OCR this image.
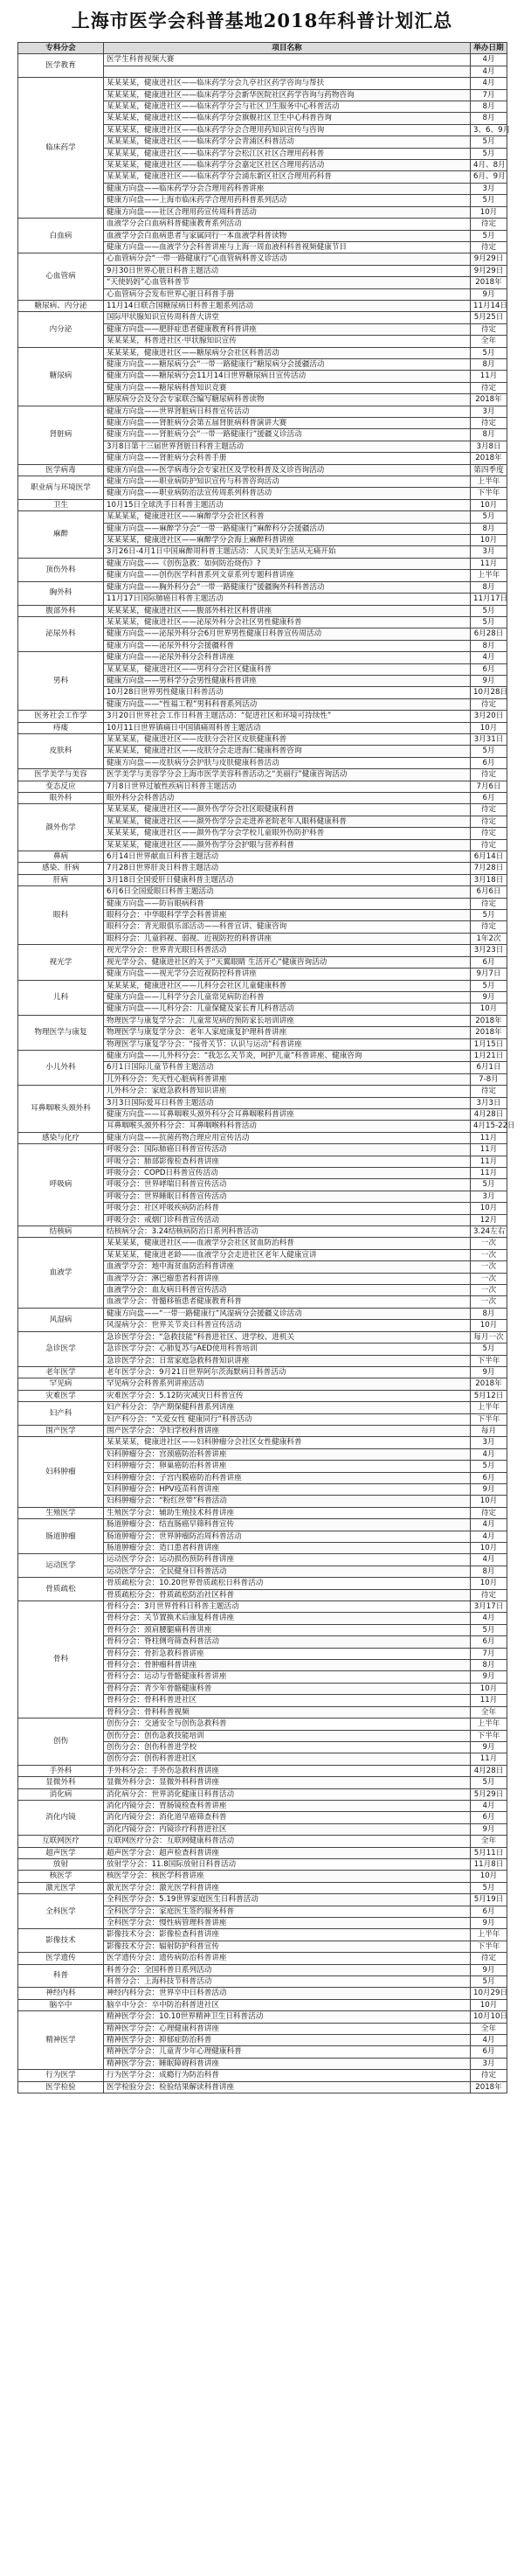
上海市医学会科普基地2018年科普计划汇总
专科分会	项目名称	举办日期
医学教育	医学生科普视频大赛	4月
		4月
临床药学	某某某某，健康进社区——临床药学分会九亭社区药学咨询与帮扶	4月
	某某某某，健康进社区——临床药学分会新华医院社区药学咨询与药物咨询	7月
	某某某某，健康进社区——临床药学分会与社区卫生服务中心科普活动	8月
	某某某某，健康进社区——临床药学分会旗舰社区卫生中心科普咨询	8月
	某某某某，健康进社区——临床药学分会合理用药知识宣传与咨询	3、6、9月
	某某某某，健康进社区——临床药学分会青浦区科普活动	5月
	某某某某，健康进社区——临床药学分会松江区社区合理用药科普	5月
	某某某某，健康进社区——临床药学分会嘉定区社区合理用药活动	4月、8月
	某某某某，健康进社区——临床药学分会浦东新区社区合理用药科普	6月、9月
	健康方向盘——临床药学分会合理用药科普讲座	3月
	健康方向盘——上海市临床药学合理用药科普系列活动	5月
	健康方向盘——社区合理用药宣传周科普活动	10月
白血病	血液学分会白血病科普健康教育系列活动	待定
	血液学分会白血病患者与家属同行一本血液学科普读物	5月
	健康方向盘——血液学分会科普讲座与上海一周血液科科普视频健康节目	待定
心血管病	心血管病分会“一带一路健康行”心血管病科普义诊活动	9月29日
	9月30日世界心脏日科普主题活动	9月29日
	“天使妈妈”心血管科普节	2018年
	心血管病分会发布世界心脏日科普手册	9月
糖尿病、内分泌	11月14日联合国糖尿病日科普主题系列活动	11月14日
内分泌	国际甲状腺知识宣传周科普大讲堂	5月25日
	健康方向盘——肥胖症患者健康教育科普讲座	待定
	某某某某，科普进社区·甲状腺知识宣传	全年
糖尿病	某某某某，健康进社区——糖尿病分会社区科普活动	5月
	健康方向盘——糖尿病分会“一带一路健康行”糖尿病分会援疆活动	8月
	健康方向盘——糖尿病分会11月14日世界糖尿病日宣传活动	11月
	健康方向盘——糖尿病科普知识竞赛	待定
	糖尿病分会及分会专家联合编写糖尿病科普读物	2018年
肾脏病	健康方向盘——世界肾脏病日科普宣传活动	3月
	健康方向盘——肾脏病分会第五届肾脏病科普演讲大赛	待定
	健康方向盘——肾脏病分会“一带一路健康行”援疆义诊活动	8月
	3月8日第十三届世界肾脏日科普主题活动	3月8日
	健康方向盘——肾脏病分会科普手册	2018年
医学病毒	健康方向盘——医学病毒分会专家社区及学校科普及义诊咨询活动	第四季度
职业病与环境医学	健康方向盘——职业病防护知识宣传与科普咨询活动	上半年
	健康方向盘——职业病防治法宣传周系列科普活动	下半年
卫生	10月15日全球洗手日科普主题活动	10月
麻醉	某某某某，健康进社区——麻醉学分会社区科普	5月
	健康方向盘——麻醉学分会“一带一路健康行”麻醉科分会援疆活动	8月
	某某某某，健康进社区——麻醉学分会海上麻醉科普讲座	10月
	3月26日-4月1日中国麻醉周科普主题活动：人民美好生活从无痛开始	3月
顶伤外科	健康方向盘——《创伤急救：如何防治烧伤》?	11月
	健康方向盘——创伤医学科普系列文章系列专题科普讲座	上半年
胸外科	健康方向盘——胸外科分会“一带一路健康行”援疆胸外科科普活动	8月
	11月17日国际肺癌日科普主题活动	11月17日
腹部外科	某某某某，健康进社区——腹部外科社区科普讲座	5月
泌尿外科	某某某某，健康进社区——泌尿外科分会社区男性健康科普	5月
	健康方向盘——泌尿外科分会6月世界男性健康日科普宣传周活动	6月28日
	健康方向盘——泌尿外科分会援疆科普	8月
男科	健康方向盘——泌尿外科分会科普讲座	4月
	某某某某，健康进社区——男科分会社区健康科普	6月
	健康方向盘——男科学分会男性健康科普讲座	9月
	10月28日世界男性健康日科普活动	10月28日
	健康方向盘——“性福工程”男科科普系列活动	待定
医务社会工作学	3月20日世界社会工作日科普主题活动：“促进社区和环境可持续性”	3月20日
痔瘘	10月11日世界镇痛日中国镇痛周科普主题活动	10月
皮肤科	某某某某，健康进社区——皮肤分会社区皮肤健康科普	3月31日
	某某某某，健康进社区——皮肤分会走进海仁健康科普咨询	5月
	健康方向盘——皮肤病分会护肤与皮肤健康科普活动	6月
医学美学与美容	医学美学与美容学分会上海市医学美容科普活动之“美丽行”健康咨询活动	待定
变态反应	7月8日世界过敏性疾病日科普主题活动	7月6日
眼外科	眼外科分会科普活动	6月
颜外伤学	某某某某，健康进社区——颜外伤学分会社区眼健康科普	待定
	某某某某，健康进社区——颜外伤学分会走进养老院老年人眼科健康科普	待定
	某某某某，健康进社区——颜外伤学分会学校儿童眼外伤防护科普	待定
	某某某某，健康进社区——颜外伤学分会护眼与营养科普	待定
鼻病	6月14日世界献血日科普主题活动	6月14日
感染、肝病	7月28日世界肝炎日科普主题活动	7月28日
肝病	3月18日全国爱肝日健康科普主题活动	3月18日
眼科	6月6日全国爱眼日科普主题活动	6月6日
	健康方向盘——防盲眼病科普	待定
	眼科分会：中华眼科学学会科普讲座	5月
	眼科分会：青光眼俱乐部活动——科普宣讲、健康咨询	待定
	眼科分会：儿童斜视、弱视、近视防控的科普讲座	1年2次
视光学	视光学分会：世界青光眼日科普活动	3月23日
	视光学分会、健康进社区的关于“天翼眼睛 生活开心”健康咨询活动	6月
	健康方向盘——视光学分会近视防控科普讲座	9月7日
儿科	某某某某，健康进社区——儿科分会社区儿童健康科普	5月
	健康方向盘——儿科学分会儿童常见病防治科普	9月
	健康方向盘——儿科分会：儿童保健及家长育儿科普活动	10月
物理医学与康复	物理医学与康复学分会：儿童常见病的预防家长培训讲座	2018年
	物理医学与康复学分会：老年人家庭康复护理科普讲座	2018年
	物理医学与康复学分会：“接骨关节：认识与运动”科普讲座	1月15日
小儿外科	健康方向盘——儿外科分会：“我怎么关节炎，呵护儿童”科普讲座、健康咨询	1月21日
	6月1日国际儿童节科普主题活动	6月1日
	儿外科分会：先天性心脏病科普讲座	7-8月
耳鼻咽喉头颈外科	儿外科分会：家庭急救科普知识讲座	待定
	3月3日国际爱耳日科普主题活动	3月3日
	健康方向盘——耳鼻咽喉头颈外科分会耳鼻咽喉科普讲座	4月28日
	耳鼻咽喉头颈外科分会：耳鼻咽喉科科普活动	4月15-22日
感染与化疗	健康方向盘——抗菌药物合理应用宣传活动	11月
呼吸病	呼吸分会：国际肺癌日科普宣传活动	11月
	呼吸分会：肺部影像检查科普讲座	11月
	呼吸分会：COPD日科普宣传活动	11月
	呼吸分会：世界哮喘日科普宣传活动	5月
	呼吸分会：世界睡眠日科普宣传活动	3月
	呼吸分会：社区呼吸疾病防治科普	10月
	呼吸分会：戒烟门诊科普宣传活动	12月
结核病	结核病分会：3.24结核病防治日系列科普活动	3.24左右
血液学	某某某某，健康进社区——血液学分会社区贫血防治科普	一次
	某某某某，健康进老龄——血液学分会走进社区老年人健康宣讲	一次
	血液学分会：地中海贫血防治科普讲座	一次
	血液学分会：淋巴瘤患者科普讲座	一次
	血液学分会：血友病日科普宣传活动	一次
	血液学分会：骨髓移植患者健康教育科普	一次
风湿病	健康方向盘——“一带一路健康行”风湿病分会援疆义诊活动	8月
	风湿病分会：世界关节炎日科普宣传活动	10月
急诊医学	急诊医学分会：“急救技能”科普进社区、进学校、进机关	每月一次
	急诊医学分会：心肺复苏与AED使用科普培训	5月
	急诊医学分会：日常家庭急救科普知识讲座	下半年
老年医学	老年医学分会：9月21日世界阿尔茨海默病日科普活动	9月
罕见病	罕见病分会科普系列讲座活动	2018年
灾难医学	灾难医学分会：5.12防灾减灾日科普宣传	5月12日
妇产科	妇产科分会：孕产期保健科普系列讲座	上半年
	妇产科分会：“关爱女性 健康同行”科普活动	下半年
围产医学	围产医学分会：孕妇学校科普讲座	每月
妇科肿瘤	某某某某，健康进社区——妇科肿瘤分会社区女性健康科普	3月
	妇科肿瘤分会：宫颈癌防治科普讲座	4月
	妇科肿瘤分会：卵巢癌防治科普讲座	5月
	妇科肿瘤分会：子宫内膜癌防治科普讲座	6月
	妇科肿瘤分会：HPV疫苗科普讲座	9月
	妇科肿瘤分会：“粉红丝带”科普活动	10月
生殖医学	生殖医学分会：辅助生殖技术科普讲座	待定
肠道肿瘤	肠道肿瘤分会：结直肠癌早筛科普宣传	4月
	肠道肿瘤分会：世界肿瘤防治周科普活动	4月
	肠道肿瘤分会：造口患者科普讲座	10月
运动医学	运动医学分会：运动损伤预防科普讲座	4月
	运动医学分会：全民健身日科普活动	8月
骨质疏松	骨质疏松分会：10.20世界骨质疏松日科普活动	10月
	骨质疏松分会：骨质疏松防治社区科普	待定
骨科	骨科分会：3月世界骨科日科普主题活动	3月17日
	骨科分会：关节置换术后康复科普讲座	4月
	骨科分会：颈肩腰腿痛科普讲座	5月
	骨科分会：脊柱侧弯筛查科普活动	6月
	骨科分会：骨折急救科普讲座	7月
	骨科分会：骨肿瘤科普讲座	8月
	骨科分会：运动与骨骼健康科普讲座	9月
	骨科分会：青少年骨骼健康科普	10月
	骨科分会：骨科科普进社区	11月
	骨科分会：骨科科普视频	全年
创伤	创伤分会：交通安全与创伤急救科普	上半年
	创伤分会：创伤急救技能培训	下半年
	创伤分会：创伤科普进学校	9月
	创伤分会：创伤科普进社区	11月
手外科	手外科分会：手外伤急救科普讲座	4月28日
显微外科	显微外科分会：显微外科科普讲座	5月
消化病	消化病分会：世界消化健康日科普活动	5月29日
消化内镜	消化内镜分会：胃肠镜检查科普讲座	4月
	消化内镜分会：消化道早癌筛查科普	6月
	消化内镜分会：内镜诊疗科普进社区	9月
互联网医疗	互联网医疗分会：互联网健康科普活动	全年
超声医学	超声医学分会：超声检查科普讲座	5月11日
放射	放射学分会：11.8国际放射日科普活动	11月8日
核医学	核医学分会：核医学科普讲座	10月
激光医学	激光医学分会：激光医学科普讲座	5月
全科医学	全科医学分会：5.19世界家庭医生日科普活动	5月19日
	全科医学分会：家庭医生签约服务科普	6月
	全科医学分会：慢性病管理科普讲座	9月
影像技术	影像技术分会：影像检查科普讲座	上半年
	影像技术分会：辐射防护科普宣传	下半年
医学遗传	医学遗传分会：遗传病防治科普讲座	待定
科普	科普分会：全国科普日系列活动	9月
	科普分会：上海科技节科普活动	5月
神经内科	神经内科分会：世界卒中日科普活动	10月29日
脑卒中	脑卒中分会：卒中防治科普进社区	10月
精神医学	精神医学分会：10.10世界精神卫生日科普活动	10月10日
	精神医学分会：心理健康科普讲座	全年
	精神医学分会：抑郁症防治科普	4月
	精神医学分会：儿童青少年心理健康科普	6月
	精神医学分会：睡眠障碍科普讲座	3月
行为医学	行为医学分会：成瘾行为防治科普	待定
医学检验	医学检验分会：检验结果解读科普讲座	2018年
